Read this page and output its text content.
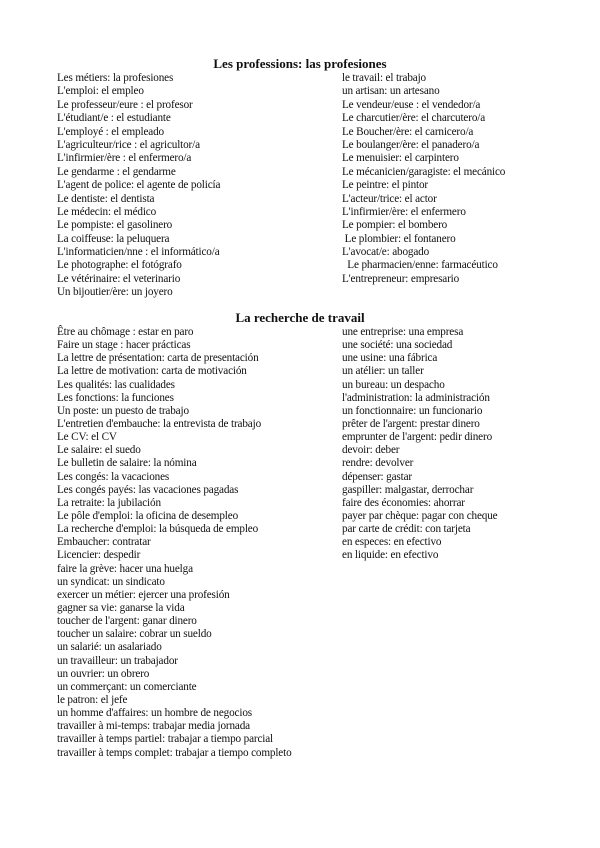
Les professions: las profesiones
Les métiers: la profesiones
L'emploi: el empleo
Le professeur/eure : el profesor
L'étudiant/e : el estudiante
L'employé : el empleado
L'agriculteur/rice : el agricultor/a
L'infirmier/ère : el enfermero/a
Le gendarme : el gendarme
L'agent de police: el agente de policía
Le dentiste: el dentista
Le médecin: el médico
Le pompiste: el gasolinero
La coiffeuse: la peluquera
L'informaticien/nne : el informático/a
Le photographe: el fotógrafo
Le vétérinaire: el veterinario
Un bijoutier/ère: un joyero
le travail: el trabajo
un artisan: un artesano
Le vendeur/euse : el vendedor/a
Le charcutier/ère: el charcutero/a
Le Boucher/ère: el carnicero/a
Le boulanger/ère: el panadero/a
Le menuisier: el carpintero
Le mécanicien/garagiste: el mecánico
Le peintre: el pintor
L'acteur/trice: el actor
L'infirmier/ère: el enfermero
Le pompier: el bombero
Le plombier: el fontanero
L'avocat/e: abogado
Le pharmacien/enne: farmacéutico
L'entrepreneur: empresario
La recherche de travail
Être au chômage : estar en paro
Faire un stage : hacer prácticas
La lettre de présentation: carta de presentación
La lettre de motivation: carta de motivación
Les qualités: las cualidades
Les fonctions: la funciones
Un poste: un puesto de trabajo
L'entretien d'embauche: la entrevista de trabajo
Le CV: el CV
Le salaire: el suedo
Le bulletin de salaire: la nómina
Les congés: la vacaciones
Les congés payés: las vacaciones pagadas
La retraite: la jubilación
Le pôle d'emploi: la oficina de desempleo
La recherche d'emploi: la búsqueda de empleo
Embaucher: contratar
Licencier: despedir
faire la grève: hacer una huelga
un syndicat: un sindicato
exercer un métier: ejercer una profesión
gagner sa vie: ganarse la vida
toucher de l'argent: ganar dinero
toucher un salaire: cobrar un sueldo
un salarié: un asalariado
un travailleur: un trabajador
un ouvrier: un obrero
un commerçant: un comerciante
le patron: el jefe
un homme d'affaires: un hombre de negocios
travailler à mi-temps: trabajar media jornada
travailler à temps partiel: trabajar a tiempo parcial
travailler à temps complet: trabajar a tiempo completo
une entreprise: una empresa
une société: una sociedad
une usine: una fábrica
un atélier: un taller
un bureau: un despacho
l'administration: la administración
un fonctionnaire: un funcionario
prêter de l'argent: prestar dinero
emprunter de l'argent: pedir dinero
devoir: deber
rendre: devolver
dépenser: gastar
gaspiller: malgastar, derrochar
faire des économies: ahorrar
payer par chèque: pagar con cheque
par carte de crédit: con tarjeta
en especes: en efectivo
en liquide: en efectivo
